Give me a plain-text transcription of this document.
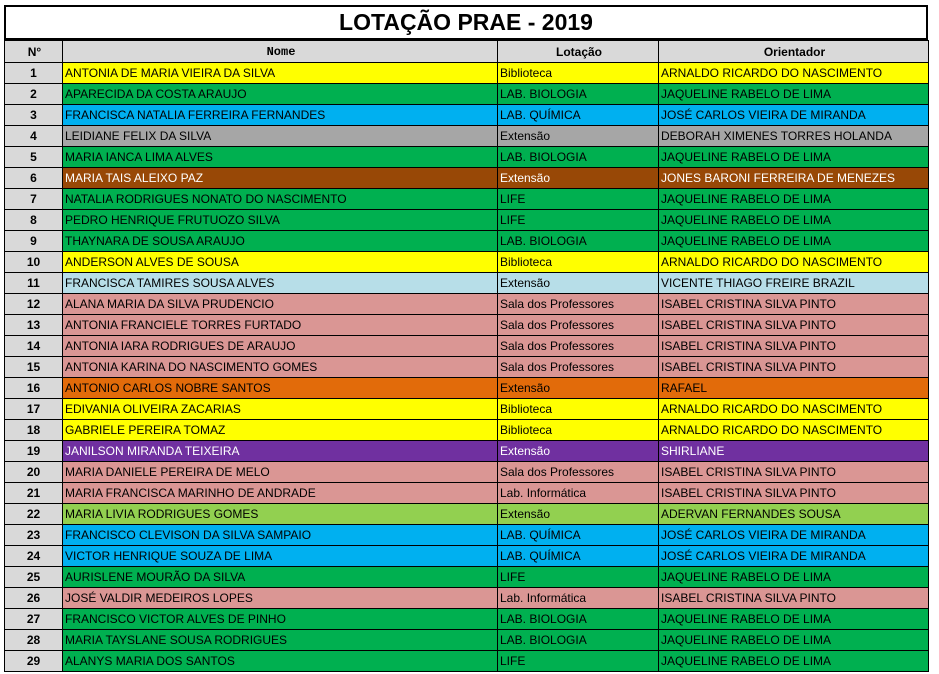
LOTAÇÃO PRAE - 2019
N°	Nome	Lotação	Orientador
1	ANTONIA DE MARIA VIEIRA DA SILVA	Biblioteca	ARNALDO RICARDO DO NASCIMENTO
2	APARECIDA DA COSTA ARAUJO	LAB. BIOLOGIA	JAQUELINE RABELO DE LIMA
3	FRANCISCA NATALIA FERREIRA FERNANDES	LAB. QUÍMICA	JOSÉ CARLOS VIEIRA DE MIRANDA
4	LEIDIANE FELIX DA SILVA	Extensão	DEBORAH XIMENES TORRES HOLANDA
5	MARIA IANCA LIMA ALVES	LAB. BIOLOGIA	JAQUELINE RABELO DE LIMA
6	MARIA TAIS ALEIXO PAZ	Extensão	JONES BARONI FERREIRA DE MENEZES
7	NATALIA RODRIGUES NONATO DO NASCIMENTO	LIFE	JAQUELINE RABELO DE LIMA
8	PEDRO HENRIQUE FRUTUOZO SILVA	LIFE	JAQUELINE RABELO DE LIMA
9	THAYNARA DE SOUSA ARAUJO	LAB. BIOLOGIA	JAQUELINE RABELO DE LIMA
10	ANDERSON ALVES DE SOUSA	Biblioteca	ARNALDO RICARDO DO NASCIMENTO
11	FRANCISCA TAMIRES SOUSA ALVES	Extensão	VICENTE THIAGO FREIRE BRAZIL
12	ALANA MARIA DA SILVA PRUDENCIO	Sala dos Professores	ISABEL CRISTINA SILVA PINTO
13	ANTONIA FRANCIELE TORRES FURTADO	Sala dos Professores	ISABEL CRISTINA SILVA PINTO
14	ANTONIA IARA RODRIGUES DE ARAUJO	Sala dos Professores	ISABEL CRISTINA SILVA PINTO
15	ANTONIA KARINA DO NASCIMENTO GOMES	Sala dos Professores	ISABEL CRISTINA SILVA PINTO
16	ANTONIO CARLOS NOBRE SANTOS	Extensão	RAFAEL
17	EDIVANIA OLIVEIRA ZACARIAS	Biblioteca	ARNALDO RICARDO DO NASCIMENTO
18	GABRIELE PEREIRA TOMAZ	Biblioteca	ARNALDO RICARDO DO NASCIMENTO
19	JANILSON MIRANDA TEIXEIRA	Extensão	SHIRLIANE
20	MARIA DANIELE PEREIRA DE MELO	Sala dos Professores	ISABEL CRISTINA SILVA PINTO
21	MARIA FRANCISCA MARINHO DE ANDRADE	Lab. Informática	ISABEL CRISTINA SILVA PINTO
22	MARIA LIVIA RODRIGUES GOMES	Extensão	ADERVAN FERNANDES SOUSA
23	FRANCISCO CLEVISON DA SILVA SAMPAIO	LAB. QUÍMICA	JOSÉ CARLOS VIEIRA DE MIRANDA
24	VICTOR HENRIQUE SOUZA DE LIMA	LAB. QUÍMICA	JOSÉ CARLOS VIEIRA DE MIRANDA
25	AURISLENE MOURÃO DA SILVA	LIFE	JAQUELINE RABELO DE LIMA
26	JOSÉ VALDIR MEDEIROS LOPES	Lab. Informática	ISABEL CRISTINA SILVA PINTO
27	FRANCISCO VICTOR ALVES DE PINHO	LAB. BIOLOGIA	JAQUELINE RABELO DE LIMA
28	MARIA TAYSLANE SOUSA RODRIGUES	LAB. BIOLOGIA	JAQUELINE RABELO DE LIMA
29	ALANYS MARIA DOS SANTOS	LIFE	JAQUELINE RABELO DE LIMA
